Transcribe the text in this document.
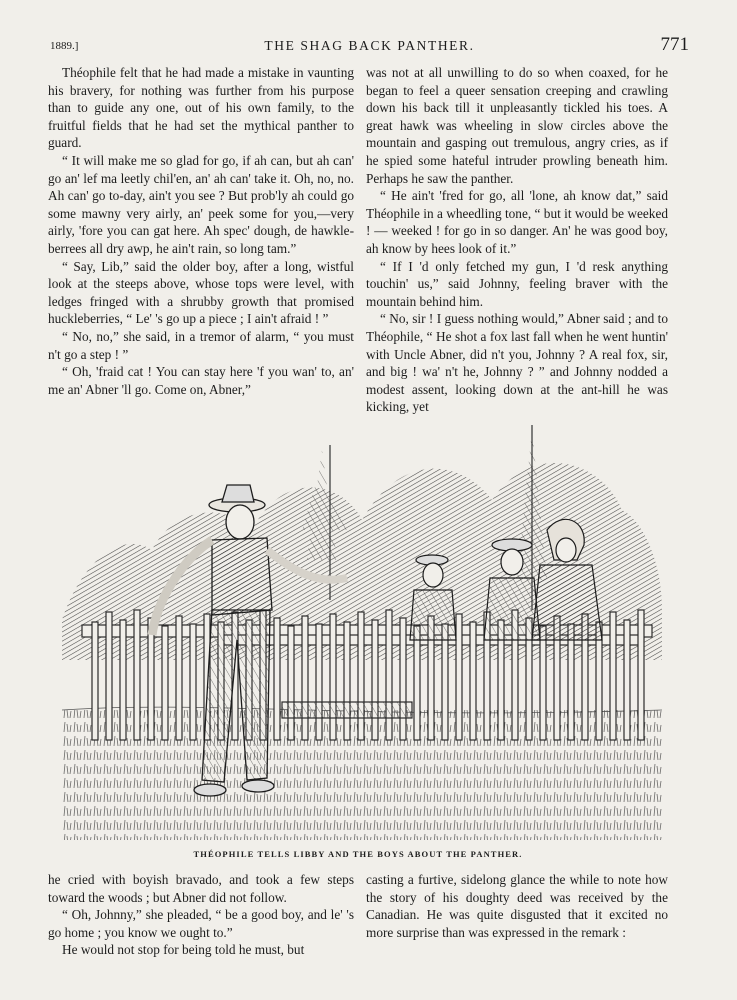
1889.]	THE SHAG BACK PANTHER.	771

Théophile felt that he had made a mistake in vaunting his bravery, for nothing was further from his purpose than to guide any one, out of his own family, to the fruitful fields that he had set the mythical panther to guard.

“ It will make me so glad for go, if ah can, but ah can' go an' lef ma leetly chil'en, an' ah can' take it. Oh, no, no. Ah can' go to-day, ain't you see ? But prob'ly ah could go some mawny very airly, an' peek some for you,—very airly, 'fore you can gat here. Ah spec' dough, de hawkle-berrees all dry awp, he ain't rain, so long tam.”

“ Say, Lib,” said the older boy, after a long, wistful look at the steeps above, whose tops were level, with ledges fringed with a shrubby growth that promised huckleberries, “ Le' 's go up a piece ; I ain't afraid ! ”

“ No, no,” she said, in a tremor of alarm, “ you must n't go a step ! ”

“ Oh, 'fraid cat ! You can stay here 'f you wan' to, an' me an' Abner 'll go. Come on, Abner,”

was not at all unwilling to do so when coaxed, for he began to feel a queer sensation creeping and crawling down his back till it unpleasantly tickled his toes. A great hawk was wheeling in slow circles above the mountain and gasping out tremulous, angry cries, as if he spied some hateful intruder prowling beneath him. Perhaps he saw the panther.

“ He ain't 'fred for go, all 'lone, ah know dat,” said Théophile in a wheedling tone, “ but it would be weeked ! — weeked ! for go in so danger. An' he was good boy, ah know by hees look of it.”

“ If I 'd only fetched my gun, I 'd resk anything touchin' us,” said Johnny, feeling braver with the mountain behind him.

“ No, sir ! I guess nothing would,” Abner said ; and to Théophile, “ He shot a fox last fall when he went huntin' with Uncle Abner, did n't you, Johnny ? A real fox, sir, and big ! wa' n't he, Johnny ? ” and Johnny nodded a modest assent, looking down at the ant-hill he was kicking, yet

THÉOPHILE TELLS LIBBY AND THE BOYS ABOUT THE PANTHER.

he cried with boyish bravado, and took a few steps toward the woods ; but Abner did not follow.

“ Oh, Johnny,” she pleaded, “ be a good boy, and le' 's go home ; you know we ought to.”

He would not stop for being told he must, but

casting a furtive, sidelong glance the while to note how the story of his doughty deed was received by the Canadian. He was quite disgusted that it excited no more surprise than was expressed in the remark :
